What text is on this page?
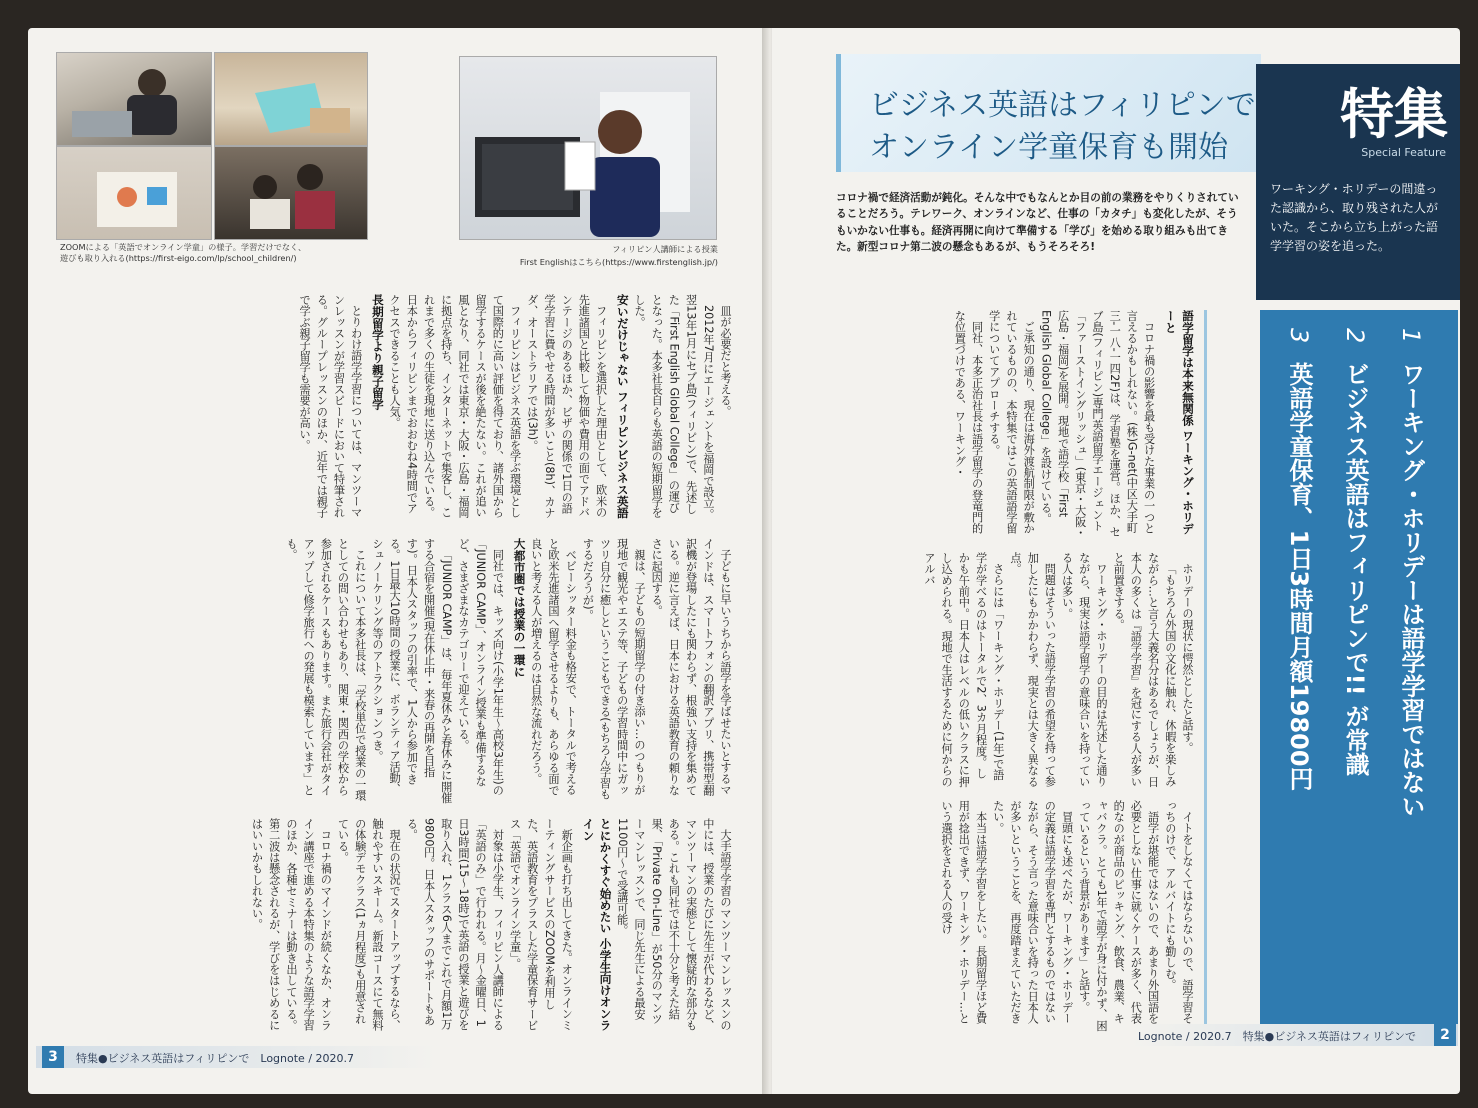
ZOOMによる「英語でオンライン学童」の様子。学習だけでなく、遊びも取り入れる(https://first-eigo.com/lp/school_children/)
フィリピン人講師による授業
First Englishはこちら(https://www.firstenglish.jp/)

皿が必要だと考える。

2012年7月にエージェントを福岡で設立。翌13年1月にセブ島(フィリピン)で、先述した「First English Global College」の運びとなった。本多社長自らも英語の短期留学をした。

安いだけじゃない フィリピンビジネス英語

フィリピンを選択した理由として、欧米の先進諸国と比較して物価や費用の面でアドバンテージのあるほか、ビザの関係で1日の語学学習に費やせる時間が多いこと(8h)、カナダ、オーストラリアでは(3h)。

フィリピンはビジネス英語を学ぶ環境として国際的に高い評価を得ており、諸外国から留学するケースが後を絶たない。これが追い風となり、同社では東京・大阪・広島・福岡に拠点を持ち、インターネットで集客し、これまで多くの生徒を現地に送り込んでいる。日本からフィリピンまでおおむね4時間でアクセスできることも人気。

長期留学より親子留学

とりわけ語学学習については、マンツーマンレッスンが学習スピードにおいて特筆される。グループレッスンのほか、近年では親子で学ぶ親子留学も需要が高い。

子どもに早いうちから語学を学ばせたいとするマインドは、スマートフォンの翻訳アプリ、携帯型翻訳機が登場したにも関わらず、根強い支持を集めている。逆に言えば、日本における英語教育の頼りなさに起因する。

親は、子どもの短期留学の付き添い…のつもりが現地で観光やエステ等、子どもの学習時間中にガッツリ自分に癒しということもできる(もちろん学習もするだろうが)。

ベビーシッター料金も格安で、トータルで考えると欧米先進諸国へ留学させるよりも、あらゆる面で良いと考える人が増えるのは自然な流れだろう。

大都市圏では授業の一環に

同社では、キッズ向け(小学1年生〜高校3年生)の「JUNIOR CAMP」、オンライン授業も準備するなど、さまざまなカテゴリーで迎えている。

「JUNIOR CAMP」は、毎年夏休みと春休みに開催する合宿を開催(現在休止中・来春の再開を目指す)。日本人スタッフの引率で、1人から参加できる。1日最大10時間の授業に、ボランティア活動、シュノーケリング等のアトラクションつき。

これについて本多社長は、「学校単位で授業の一環としての問い合わせもあり、関東・関西の学校から参加されるケースもあります。また旅行会社がタイアップして修学旅行への発展も模索しています」とも。

大手語学学習のマンツーマンレッスンの中には、授業のたびに先生が代わるなど、マンツーマンの実態として懐疑的な部分もある。これも同社では不十分と考えた結果、「Private On-Line」が50分のマンツーマンレッスンで、同じ先生による最安1100円〜で受講可能。

とにかくすぐ始めたい 小学生向けオンライン

新企画も打ち出してきた。オンラインミーティングサービスのZOOMを利用した、英語教育をプラスした学童保育サービス「英語でオンライン学童」。

対象は小学生、フィリピン人講師による「英語のみ」で行われる。月〜金曜日、1日3時間(15〜18時)で英語の授業と遊びを取り入れ、1クラス6人までこれで月額1万9800円。日本人スタッフのサポートもある。

現在の状況でスタートアップするなら、触れやすいスキーム。新設コースにて無料の体験デモクラス(1ヵ月程度)も用意されている。

コロナ禍のマインドが続くなか、オンライン講座で進める本特集のような語学学習のほか、各種セミナーは動き出している。第二波は懸念されるが、学びをはじめるにはいいかもしれない。

3	特集●ビジネス英語はフィリピンで　Lognote / 2020.7
ビジネス英語はフィリピンで
オンライン学童保育も開始
特集
Special Feature
ワーキング・ホリデーの間違った認識から、取り残された人がいた。そこから立ち上がった語学学習の姿を追った。
コロナ禍で経済活動が鈍化。そんな中でもなんとか目の前の業務をやりくりされていることだろう。テレワーク、オンラインなど、仕事の「カタチ」も変化したが、そうもいかない仕事も。経済再開に向けて準備する「学び」を始める取り組みも出てきた。新型コロナ第二波の懸念もあるが、もうそろそろ!
1 ワーキング・ホリデーは語学学習ではない
2 ビジネス英語はフィリピンで!! が常識
3 英語学童保育、1日3時間月額19800円
語学留学は本来無関係 ワーキング・ホリデーと

コロナ禍の影響を最も受けた事業の一つと言えるかもしれない。(株)G-net(中区大手町三-一八-一四2F)は、学習塾を運営。ほか、セブ島(フィリピン)専門英語留学エージェント「ファーストイングリッシュ」(東京・大阪・広島・福岡)を展開。現地で語学校「First English Global College」を設けている。

ご承知の通り、現在は海外渡航制限が敷かれているものの、本特集ではこの英語語学留学についてアプローチする。

同社、本多正治社長は語学留学の登竜門的な位置づけである、ワーキング・

ホリデーの現状に愕然としたと話す。

「もちろん外国の文化に触れ、休暇を楽しみながら…と言う大義名分はあるでしょうが、日本人の多くは『語学学習』を冠にする人が多いと前置きする。

ワーキング・ホリデーの目的は先述した通りながら、現実は語学留学の意味合いを持っている人は多い。

問題はそういった語学学習の希望を持って参加したにもかかわらず、現実とは大きく異なる点。

さらには「ワーキング・ホリデー(1年)で語学が学べるのはトータルで2、3カ月程度。しかも午前中。日本人はレベルの低いクラスに押し込められる。現地で生活するために何からのアルバ

イトをしなくてはならないので、語学習そっちのけで、アルバイトにも勤しむ。

語学が堪能ではないので、あまり外国語を必要としない仕事に就くケースが多く、代表的なのが商品のピッキング、飲食、農業、キャバクラ。とても1年で語学が身に付かず、困っているという背景があります」と話す。

冒頭にも述べたが、ワーキング・ホリデーの定義は語学学習を専門とするものではないながら、そう言った意味合いを持った日本人が多いということを、再度踏まえていただきたい。

本当は語学学習をしたい。長期留学ほど費用が捻出できず、ワーキング・ホリデー…という選択をされる人の受け

Lognote / 2020.7　特集●ビジネス英語はフィリピンで	2
